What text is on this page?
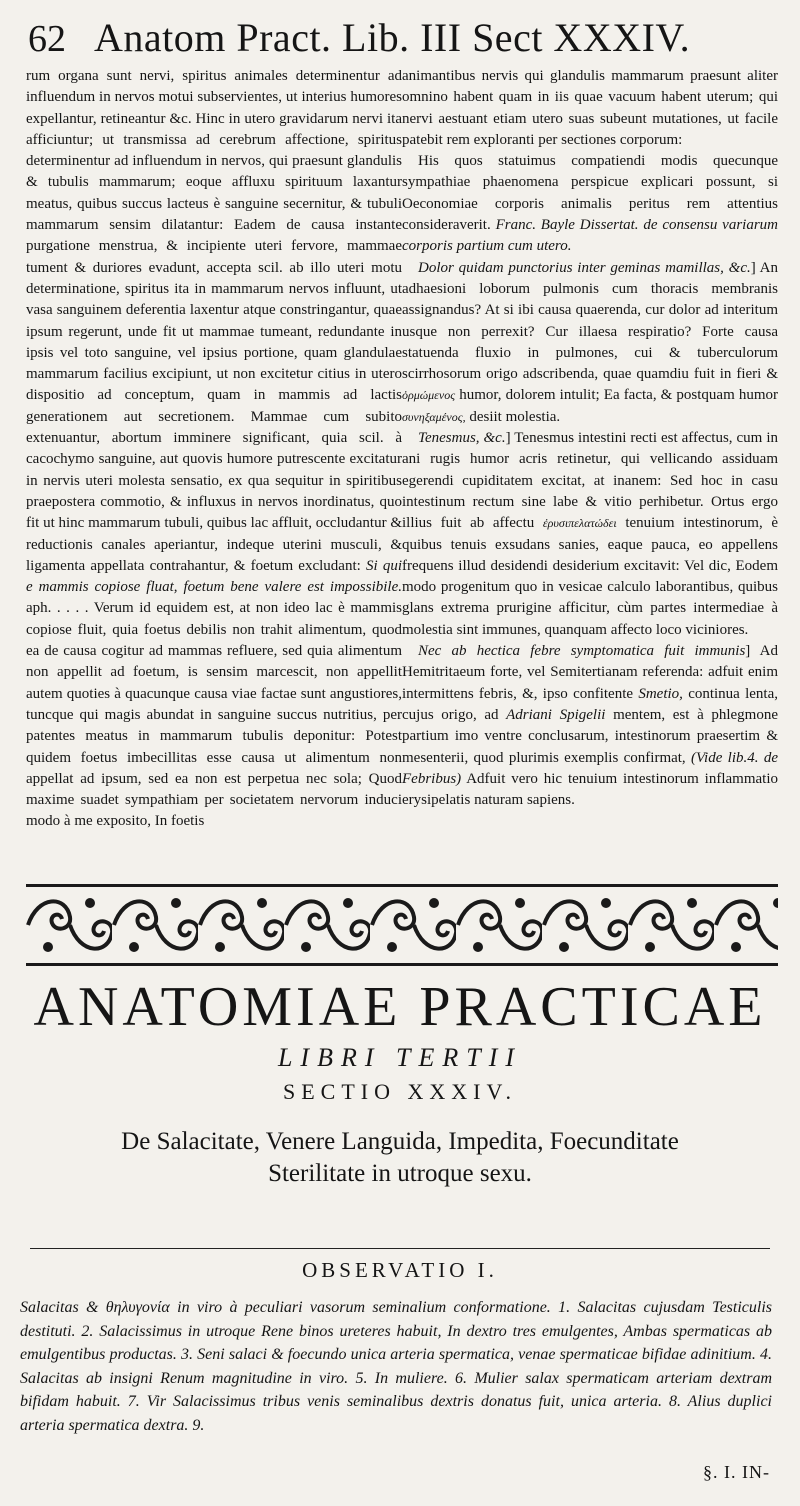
62 Anatom Pract. Lib. III Sect XXXIV.

rum organa sunt nervi, spiritus animales determinentur ad influendum in nervos motui subservientes, ut interius humores expellantur, retineantur &c. Hinc in utero gravidarum nervi ita afficiuntur; ut transmissa ad cerebrum affectione, spiritus determinentur ad influendum in nervos, qui praesunt glandulis & tubulis mammarum; eoque affluxu spirituum laxantur meatus, quibus succus lacteus è sanguine secernitur, & tubuli mammarum sensim dilatantur: Eadem de causa instante purgatione menstrua, & incipiente uteri fervore, mammae tument & duriores evadunt, accepta scil. ab illo uteri motu determinatione, spiritus ita in mammarum nervos influunt, ut vasa sanguinem deferentia laxentur atque constringantur, quae ipsum regerunt, unde fit ut mammae tumeant, redundante in ipsis vel toto sanguine, vel ipsius portione, quam glandulae mammarum facilius excipiunt, ut non excitetur citius in utero dispositio ad conceptum, quam in mammis ad lactis generationem aut secretionem. Mammae cum subito extenuantur, abortum imminere significant, quia scil. à cacochymo sanguine, aut quovis humore putrescente excitatur in nervis uteri molesta sensatio, ex qua sequitur in spiritibus praepostera commotio, & influxus in nervos inordinatus, quo fit ut hinc mammarum tubuli, quibus lac affluit, occludantur & reductionis canales aperiantur, indeque uterini musculi, & ligamenta appellata contrahantur, & foetum excludant: Si qui e mammis copiose fluat, foetum bene valere est impossibile. aph. . . . . Verum id equidem est, at non ideo lac è mammis copiose fluit, quia foetus debilis non trahit alimentum, quod ea de causa cogitur ad mammas refluere, sed quia alimentum non appellit ad foetum, is sensim marcescit, non appellit autem quoties à quacunque causa viae factae sunt angustiores, tuncque qui magis abundat in sanguine succus nutritius, per patentes meatus in mammarum tubulis deponitur: Potest quidem foetus imbecillitas esse causa ut alimentum non appellat ad ipsum, sed ea non est perpetua nec sola; Quod maxime suadet sympathiam per societatem nervorum induci modo à me exposito, In foetis

animantibus nervis qui glandulis mammarum praesunt aliter omnino habent quam in iis quae vacuum habent uterum; qui nervi aestuant etiam utero suas subeunt mutationes, ut facile patebit rem exploranti per sectiones corporum:

His quos statuimus compatiendi modis quecunque sympathiae phaenomena perspicue explicari possunt, si Oeconomiae corporis animalis peritus rem attentius consideraverit. Franc. Bayle Dissertat. de consensu variarum corporis partium cum utero.

Dolor quidam punctorius inter geminas mamillas, &c.] An adhaesioni loborum pulmonis cum thoracis membranis assignandus? At si ibi causa quaerenda, cur dolor ad interitum usque non perrexit? Cur illaesa respiratio? Forte causa statuenda fluxio in pulmones, cui & tuberculorum scirrhosorum origo adscribenda, quae quamdiu fuit in fieri & ὁρμώμενος humor, dolorem intulit; Ea facta, & postquam humor συνηξαμένος, desiit molestia.

Tenesmus, &c.] Tenesmus intestini recti est affectus, cum in ani rugis humor acris retinetur, qui vellicando assiduam egerendi cupiditatem excitat, at inanem: Sed hoc in casu intestinum rectum sine labe & vitio perhibetur. Ortus ergo illius fuit ab affectu ἐρυσιπελατώδει tenuium intestinorum, è quibus tenuis exsudans sanies, eaque pauca, eo appellens frequens illud desidendi desiderium excitavit: Vel dic, Eodem modo progenitum quo in vesicae calculo laborantibus, quibus glans extrema prurigine afficitur, cùm partes intermediae à molestia sint immunes, quanquam affecto loco viciniores.

Nec ab hectica febre symptomatica fuit immunis] Ad Hemitritaeum forte, vel Semitertianam referenda: adfuit enim intermittens febris, &, ipso confitente Smetio, continua lenta, cujus origo, ad Adriani Spigelii mentem, est à phlegmone partium imo ventre conclusarum, intestinorum praesertim & mesenterii, quod plurimis exemplis confirmat, (Vide lib.4. de Febribus) Adfuit vero hic tenuium intestinorum inflammatio erysipelatis naturam sapiens.

ANATOMIAE PRACTICAE
LIBRI TERTII
SECTIO XXXIV.
De Salacitate, Venere Languida, Impedita, Foecunditate
Sterilitate in utroque sexu.
OBSERVATIO I.
Salacitas & θηλυγονία in viro à peculiari vasorum seminalium conformatione. 1. Salacitas cujusdam Testiculis destituti. 2. Salacissimus in utroque Rene binos ureteres habuit, In dextro tres emulgentes, Ambas spermaticas ab emulgentibus productas. 3. Seni salaci & foecundo unica arteria spermatica, venae spermaticae bifidae adinitium. 4. Salacitas ab insigni Renum magnitudine in viro. 5. In muliere. 6. Mulier salax spermaticam arteriam dextram bifidam habuit. 7. Vir Salacissimus tribus venis seminalibus dextris donatus fuit, unica arteria. 8. Alius duplici arteria spermatica dextra. 9.
§. I. IN-
